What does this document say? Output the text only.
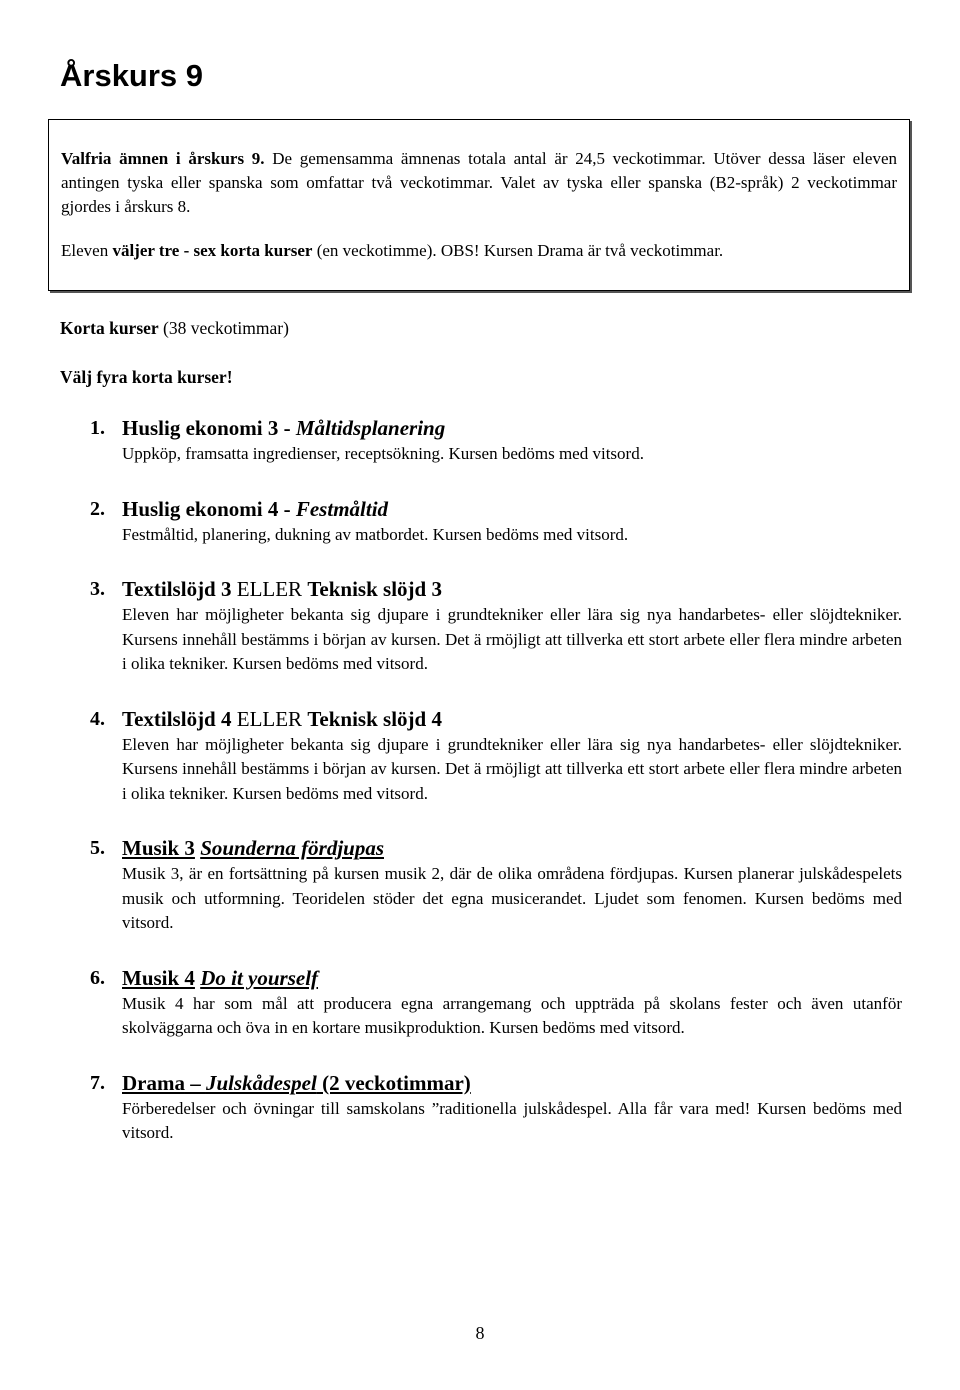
Årskurs 9

Valfria ämnen i årskurs 9. De gemensamma ämnenas totala antal är 24,5 veckotimmar. Utöver dessa läser eleven antingen tyska eller spanska som omfattar två veckotimmar. Valet av tyska eller spanska (B2-språk) 2 veckotimmar gjordes i årskurs 8.

Eleven väljer tre - sex korta kurser (en veckotimme). OBS! Kursen Drama är två veckotimmar.

Korta kurser (38 veckotimmar)

Välj fyra korta kurser!

1. Huslig ekonomi 3 - Måltidsplanering

Uppköp, framsatta ingredienser, receptsökning. Kursen bedöms med vitsord.

2. Huslig ekonomi 4 - Festmåltid

Festmåltid, planering, dukning av matbordet. Kursen bedöms med vitsord.

3. Textilslöjd 3 ELLER Teknisk slöjd 3

Eleven har möjligheter bekanta sig djupare i grundtekniker eller lära sig nya handarbetes- eller slöjdtekniker. Kursens innehåll bestämms i början av kursen. Det ä rmöjligt att tillverka ett stort arbete eller flera mindre arbeten i olika tekniker. Kursen bedöms med vitsord.

4. Textilslöjd 4 ELLER Teknisk slöjd 4

Eleven har möjligheter bekanta sig djupare i grundtekniker eller lära sig nya handarbetes- eller slöjdtekniker. Kursens innehåll bestämms i början av kursen. Det ä rmöjligt att tillverka ett stort arbete eller flera mindre arbeten i olika tekniker. Kursen bedöms med vitsord.

5. Musik 3 Sounderna fördjupas

Musik 3, är en fortsättning på kursen musik 2, där de olika områdena fördjupas. Kursen planerar julskådespelets musik och utformning. Teoridelen stöder det egna musicerandet. Ljudet som fenomen. Kursen bedöms med vitsord.

6. Musik 4 Do it yourself

Musik 4 har som mål att producera egna arrangemang och uppträda på skolans fester och även utanför skolväggarna och öva in en kortare musikproduktion. Kursen bedöms med vitsord.

7. Drama – Julskådespel (2 veckotimmar)

Förberedelser och övningar till samskolans ”raditionella julskådespel. Alla får vara med! Kursen bedöms med vitsord.

8
